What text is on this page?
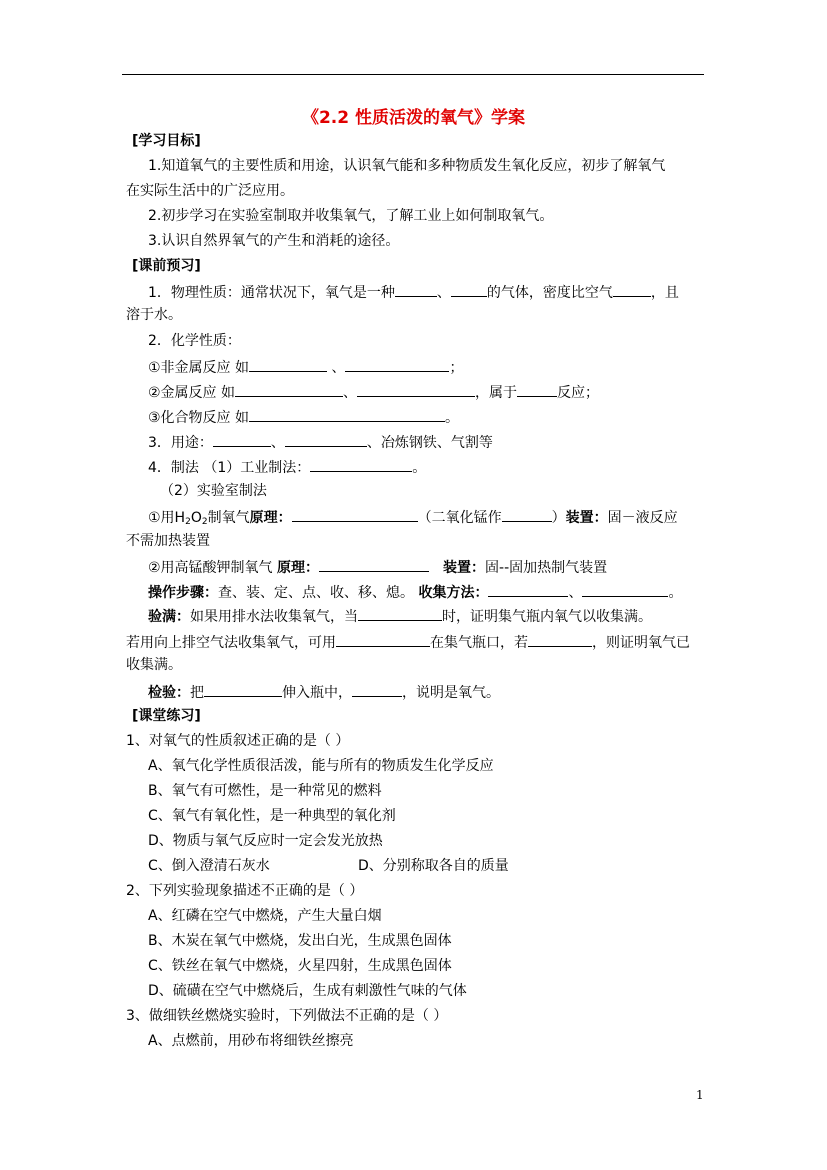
《2.2 性质活泼的氧气》学案
[学习目标]
1.知道氧气的主要性质和用途，认识氧气能和多种物质发生氧化反应，初步了解氧气
在实际生活中的广泛应用。
2.初步学习在实验室制取并收集氧气，了解工业上如何制取氧气。
3.认识自然界氧气的产生和消耗的途径。
[课前预习]
1．物理性质：通常状况下，氧气是一种	、	的气体，密度比空气	，且
溶于水。
2．化学性质：
①非金属反应 如	、	；
②金属反应 如	、	，属于	反应；
③化合物反应 如	。
3．用途：	、	、冶炼钢铁、气割等
4．制法 （1）工业制法：	。
（2）实验室制法
①用$H_2O_2$制氧气原理：	（二氧化锰作	）装置：固－液反应
不需加热装置
②用高锰酸钾制氧气 原理：	装置：固--固加热制气装置
操作步骤：查、装、定、点、收、移、熄。 收集方法：	、	。
验满：如果用排水法收集氧气，当	时，证明集气瓶内氧气以收集满。
若用向上排空气法收集氧气，可用	在集气瓶口，若	，则证明氧气已
收集满。
检验：把	伸入瓶中，	，说明是氧气。
[课堂练习]
1、对氧气的性质叙述正确的是（ ）
A、氧气化学性质很活泼，能与所有的物质发生化学反应
B、氧气有可燃性，是一种常见的燃料
C、氧气有氧化性，是一种典型的氧化剂
D、物质与氧气反应时一定会发光放热
C、倒入澄清石灰水	D、分别称取各自的质量
2、下列实验现象描述不正确的是（ ）
A、红磷在空气中燃烧，产生大量白烟
B、木炭在氧气中燃烧，发出白光，生成黑色固体
C、铁丝在氧气中燃烧，火星四射，生成黑色固体
D、硫磺在空气中燃烧后，生成有刺激性气味的气体
3、做细铁丝燃烧实验时，下列做法不正确的是（ ）
A、点燃前，用砂布将细铁丝擦亮
1
